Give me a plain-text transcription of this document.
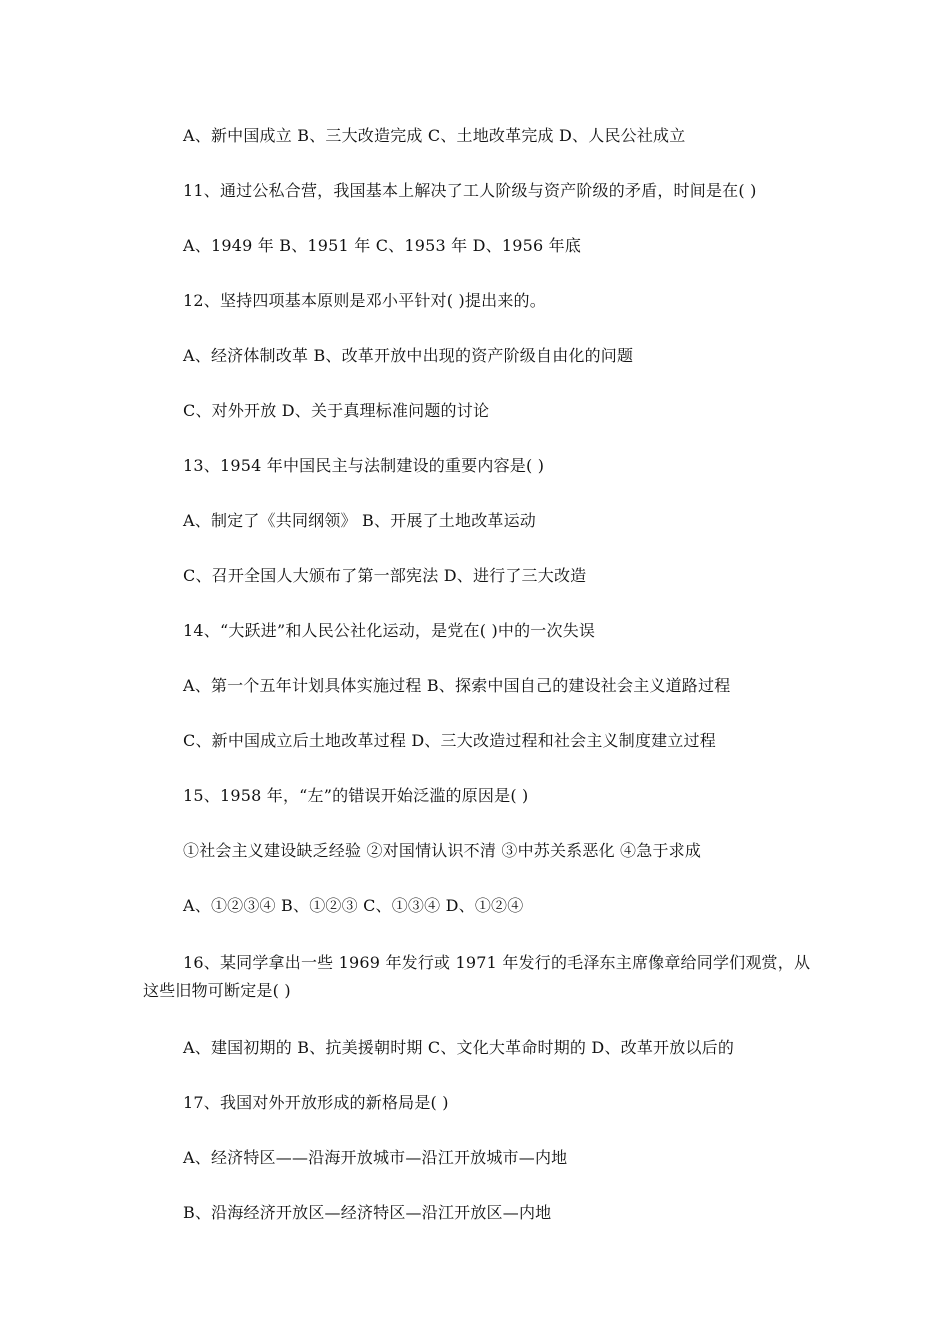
A、新中国成立 B、三大改造完成 C、土地改革完成 D、人民公社成立
11、通过公私合营，我国基本上解决了工人阶级与资产阶级的矛盾，时间是在( )
A、1949 年 B、1951 年 C、1953 年 D、1956 年底
12、坚持四项基本原则是邓小平针对( )提出来的。
A、经济体制改革 B、改革开放中出现的资产阶级自由化的问题
C、对外开放 D、关于真理标准问题的讨论
13、1954 年中国民主与法制建设的重要内容是( )
A、制定了《共同纲领》 B、开展了土地改革运动
C、召开全国人大颁布了第一部宪法 D、进行了三大改造
14、“大跃进”和人民公社化运动，是党在( )中的一次失误
A、第一个五年计划具体实施过程 B、探索中国自己的建设社会主义道路过程
C、新中国成立后土地改革过程 D、三大改造过程和社会主义制度建立过程
15、1958 年，“左”的错误开始泛滥的原因是( )
①社会主义建设缺乏经验 ②对国情认识不清 ③中苏关系恶化 ④急于求成
A、①②③④ B、①②③ C、①③④ D、①②④
16、某同学拿出一些 1969 年发行或 1971 年发行的毛泽东主席像章给同学们观赏，从这些旧物可断定是( )
A、建国初期的 B、抗美援朝时期 C、文化大革命时期的 D、改革开放以后的
17、我国对外开放形成的新格局是( )
A、经济特区——沿海开放城市—沿江开放城市—内地
B、沿海经济开放区—经济特区—沿江开放区—内地
